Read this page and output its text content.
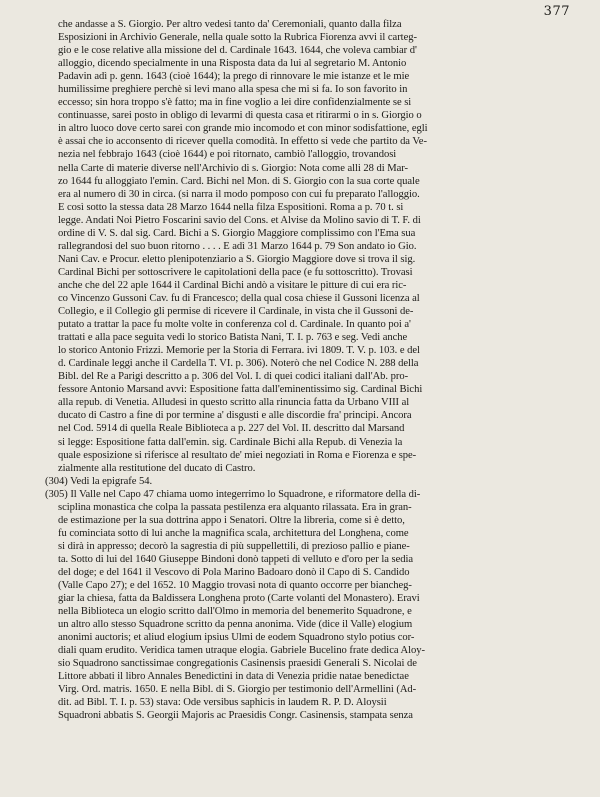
377

che andasse a S. Giorgio. Per altro vedesi tanto da' Ceremoniali, quanto dalla filza
Esposizioni in Archivio Generale, nella quale sotto la Rubrica Fiorenza avvi il carteg-
gio e le cose relative alla missione del d. Cardinale 1643. 1644, che voleva cambiar d'
alloggio, dicendo specialmente in una Risposta data da lui al segretario M. Antonio
Padavin adì p. genn. 1643 (cioè 1644); la prego di rinnovare le mie istanze et le mie
humilissime preghiere perchè si levi mano alla spesa che mi si fa. Io son favorito in
eccesso; sin hora troppo s'è fatto; ma in fine voglio a lei dire confidenzialmente se si
continuasse, sarei posto in obligo di levarmi di questa casa et ritirarmi o in s. Giorgio o
in altro luoco dove certo sarei con grande mio incomodo et con minor sodisfattione, egli
è assai che io acconsento di ricever quella comodità. In effetto si vede che partito da Ve-
nezia nel febbrajo 1643 (cioè 1644) e poi ritornato, cambiò l'alloggio, trovandosi
nella Carte di materie diverse nell'Archivio di s. Giorgio: Nota come alli 28 di Mar-
zo 1644 fu alloggiato l'emin. Card. Bichi nel Mon. di S. Giorgio con la sua corte quale
era al numero di 30 in circa. (si narra il modo pomposo con cui fu preparato l'alloggio.
E così sotto la stessa data 28 Marzo 1644 nella filza Espositioni. Roma a p. 70 t. si
legge. Andati Noi Pietro Foscarini savio del Cons. et Alvise da Molino savio di T. F. di
ordine di V. S. dal sig. Card. Bichi a S. Giorgio Maggiore complissimo con l'Ema sua
rallegrandosi del suo buon ritorno . . . . E adì 31 Marzo 1644 p. 79 Son andato io Gio.
Nani Cav. e Procur. eletto plenipotenziario a S. Giorgio Maggiore dove si trova il sig.
Cardinal Bichi per sottoscrivere le capitolationi della pace (e fu sottoscritto). Trovasi
anche che del 22 aple 1644 il Cardinal Bichi andò a visitare le pitture di cui era ric-
co Vincenzo Gussoni Cav. fu di Francesco; della qual cosa chiese il Gussoni licenza al
Collegio, e il Collegio gli permise di ricevere il Cardinale, in vista che il Gussoni de-
putato a trattar la pace fu molte volte in conferenza col d. Cardinale. In quanto poi a'
trattati e alla pace seguita vedi lo storico Batista Nani, T. I. p. 763 e seg. Vedi anche
lo storico Antonio Frizzi. Memorie per la Storia di Ferrara. ivi 1809. T. V. p. 103. e del
d. Cardinale leggi anche il Cardella T. VI. p. 306). Noterò che nel Codice N. 288 della
Bibl. del Re a Parigi descritto a p. 306 del Vol. I. di quei codici italiani dall'Ab. pro-
fessore Antonio Marsand avvi: Espositione fatta dall'eminentissimo sig. Cardinal Bichi
alla repub. di Venetia. Alludesi in questo scritto alla rinuncia fatta da Urbano VIII al
ducato di Castro a fine di por termine a' disgusti e alle discordie fra' principi. Ancora
nel Cod. 5914 di quella Reale Biblioteca a p. 227 del Vol. II. descritto dal Marsand
si legge: Espositione fatta dall'emin. sig. Cardinale Bichi alla Repub. di Venezia la
quale esposizione si riferisce al resultato de' miei negoziati in Roma e Fiorenza e spe-
zialmente alla restitutione del ducato di Castro.

(304) Vedi la epigrafe 54.

(305) Il Valle nel Capo 47 chiama uomo integerrimo lo Squadrone, e riformatore della di-
sciplina monastica che colpa la passata pestilenza era alquanto rilassata. Era in gran-
de estimazione per la sua dottrina appo i Senatori. Oltre la libreria, come si è detto,
fu cominciata sotto di lui anche la magnifica scala, architettura del Longhena, come
si dirà in appresso; decorò la sagrestia di più suppellettili, di prezioso pallio e piane-
ta. Sotto di lui del 1640 Giuseppe Bindoni donò tappeti di velluto e d'oro per la sedia
del doge; e del 1641 il Vescovo di Pola Marino Badoaro donò il Capo di S. Candido
(Valle Capo 27); e del 1652. 10 Maggio trovasi nota di quanto occorre per biancheg-
giar la chiesa, fatta da Baldissera Longhena proto (Carte volanti del Monastero). Eravi
nella Biblioteca un elogio scritto dall'Olmo in memoria del benemerito Squadrone, e
un altro allo stesso Squadrone scritto da penna anonima. Vide (dice il Valle) elogium
anonimi auctoris; et aliud elogium ipsius Ulmi de eodem Squadrono stylo potius cor-
diali quam erudito. Veridica tamen utraque elogia. Gabriele Bucelino frate dedica Aloy-
sio Squadrono sanctissimae congregationis Casinensis praesidi Generali S. Nicolai de
Littore abbati il libro Annales Benedictini in data di Venezia pridie natae benedictae
Virg. Ord. matris. 1650. E nella Bibl. di S. Giorgio per testimonio dell'Armellini (Ad-
dit. ad Bibl. T. I. p. 53) stava: Ode versibus saphicis in laudem R. P. D. Aloysii
Squadroni abbatis S. Georgii Majoris ac Praesidis Congr. Casinensis, stampata senza
